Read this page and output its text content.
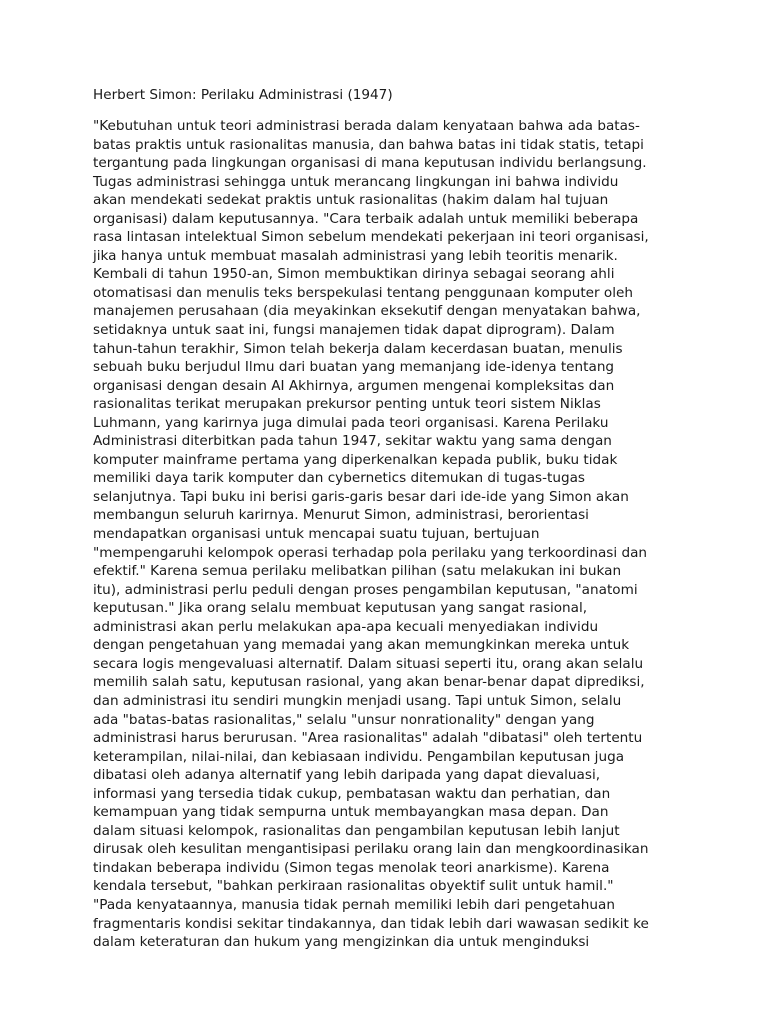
Herbert Simon: Perilaku Administrasi (1947)
"Kebutuhan untuk teori administrasi berada dalam kenyataan bahwa ada batas-
batas praktis untuk rasionalitas manusia, dan bahwa batas ini tidak statis, tetapi
tergantung pada lingkungan organisasi di mana keputusan individu berlangsung.
Tugas administrasi sehingga untuk merancang lingkungan ini bahwa individu
akan mendekati sedekat praktis untuk rasionalitas (hakim dalam hal tujuan
organisasi) dalam keputusannya. "Cara terbaik adalah untuk memiliki beberapa
rasa lintasan intelektual Simon sebelum mendekati pekerjaan ini teori organisasi,
jika hanya untuk membuat masalah administrasi yang lebih teoritis menarik.
Kembali di tahun 1950-an, Simon membuktikan dirinya sebagai seorang ahli
otomatisasi dan menulis teks berspekulasi tentang penggunaan komputer oleh
manajemen perusahaan (dia meyakinkan eksekutif dengan menyatakan bahwa,
setidaknya untuk saat ini, fungsi manajemen tidak dapat diprogram). Dalam
tahun-tahun terakhir, Simon telah bekerja dalam kecerdasan buatan, menulis
sebuah buku berjudul Ilmu dari buatan yang memanjang ide-idenya tentang
organisasi dengan desain AI Akhirnya, argumen mengenai kompleksitas dan
rasionalitas terikat merupakan prekursor penting untuk teori sistem Niklas
Luhmann, yang karirnya juga dimulai pada teori organisasi. Karena Perilaku
Administrasi diterbitkan pada tahun 1947, sekitar waktu yang sama dengan
komputer mainframe pertama yang diperkenalkan kepada publik, buku tidak
memiliki daya tarik komputer dan cybernetics ditemukan di tugas-tugas
selanjutnya. Tapi buku ini berisi garis-garis besar dari ide-ide yang Simon akan
membangun seluruh karirnya. Menurut Simon, administrasi, berorientasi
mendapatkan organisasi untuk mencapai suatu tujuan, bertujuan
"mempengaruhi kelompok operasi terhadap pola perilaku yang terkoordinasi dan
efektif." Karena semua perilaku melibatkan pilihan (satu melakukan ini bukan
itu), administrasi perlu peduli dengan proses pengambilan keputusan, "anatomi
keputusan." Jika orang selalu membuat keputusan yang sangat rasional,
administrasi akan perlu melakukan apa-apa kecuali menyediakan individu
dengan pengetahuan yang memadai yang akan memungkinkan mereka untuk
secara logis mengevaluasi alternatif. Dalam situasi seperti itu, orang akan selalu
memilih salah satu, keputusan rasional, yang akan benar-benar dapat diprediksi,
dan administrasi itu sendiri mungkin menjadi usang. Tapi untuk Simon, selalu
ada "batas-batas rasionalitas," selalu "unsur nonrationality" dengan yang
administrasi harus berurusan. "Area rasionalitas" adalah "dibatasi" oleh tertentu
keterampilan, nilai-nilai, dan kebiasaan individu. Pengambilan keputusan juga
dibatasi oleh adanya alternatif yang lebih daripada yang dapat dievaluasi,
informasi yang tersedia tidak cukup, pembatasan waktu dan perhatian, dan
kemampuan yang tidak sempurna untuk membayangkan masa depan. Dan
dalam situasi kelompok, rasionalitas dan pengambilan keputusan lebih lanjut
dirusak oleh kesulitan mengantisipasi perilaku orang lain dan mengkoordinasikan
tindakan beberapa individu (Simon tegas menolak teori anarkisme). Karena
kendala tersebut, "bahkan perkiraan rasionalitas obyektif sulit untuk hamil."
"Pada kenyataannya, manusia tidak pernah memiliki lebih dari pengetahuan
fragmentaris kondisi sekitar tindakannya, dan tidak lebih dari wawasan sedikit ke
dalam keteraturan dan hukum yang mengizinkan dia untuk menginduksi
